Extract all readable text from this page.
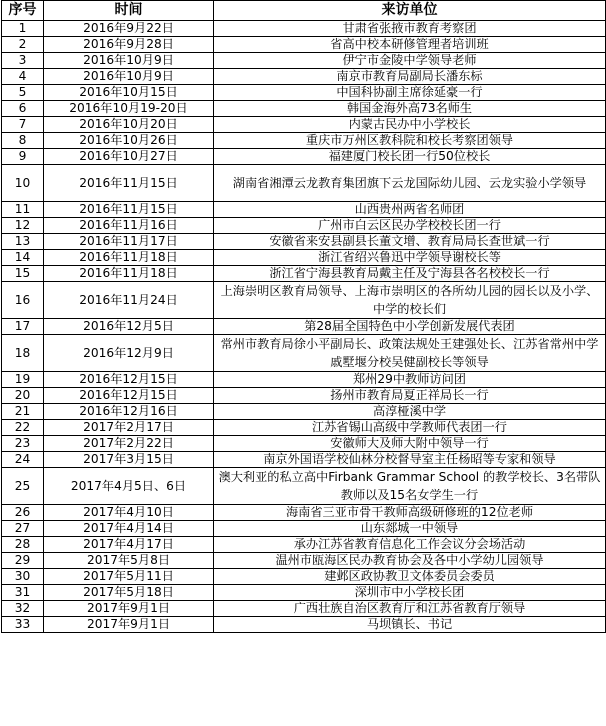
序号	时间	来访单位
1	2016年9月22日	甘肃省张掖市教育考察团
2	2016年9月28日	省高中校本研修管理者培训班
3	2016年10月9日	伊宁市金陵中学领导老师
4	2016年10月9日	南京市教育局副局长潘东标
5	2016年10月15日	中国科协副主席徐延豪一行
6	2016年10月19-20日	韩国金海外高73名师生
7	2016年10月20日	内蒙古民办中小学校长
8	2016年10月26日	重庆市万州区教科院和校长考察团领导
9	2016年10月27日	福建厦门校长团一行50位校长
10	2016年11月15日	湖南省湘潭云龙教育集团旗下云龙国际幼儿园、云龙实验小学领导
11	2016年11月15日	山西贵州两省名师团
12	2016年11月16日	广州市白云区民办学校校长团一行
13	2016年11月17日	安徽省来安县副县长董文增、教育局局长查世斌一行
14	2016年11月18日	浙江省绍兴鲁迅中学领导谢校长等
15	2016年11月18日	浙江省宁海县教育局戴主任及宁海县各名校校长一行
16	2016年11月24日	上海崇明区教育局领导、上海市崇明区的各所幼儿园的园长以及小学、中学的校长们
17	2016年12月5日	第28届全国特色中小学创新发展代表团
18	2016年12月9日	常州市教育局徐小平副局长、政策法规处王建强处长、江苏省常州中学戚墅堰分校吴健副校长等领导
19	2016年12月15日	郑州29中教师访问团
20	2016年12月15日	扬州市教育局夏正祥局长一行
21	2016年12月16日	高淳桠溪中学
22	2017年2月17日	江苏省锡山高级中学教师代表团一行
23	2017年2月22日	安徽师大及师大附中领导一行
24	2017年3月15日	南京外国语学校仙林分校督导室主任杨昭等专家和领导
25	2017年4月5日、6日	澳大利亚的私立高中Firbank Grammar School 的教学校长、3名带队教师以及15名女学生一行
26	2017年4月10日	海南省三亚市骨干教师高级研修班的12位老师
27	2017年4月14日	山东郯城一中领导
28	2017年4月17日	承办江苏省教育信息化工作会议分会场活动
29	2017年5月8日	温州市瓯海区民办教育协会及各中小学幼儿园领导
30	2017年5月11日	建邺区政协教卫文体委员会委员
31	2017年5月18日	深圳市中小学校长团
32	2017年9月1日	广西壮族自治区教育厅和江苏省教育厅领导
33	2017年9月1日	马坝镇长、书记
